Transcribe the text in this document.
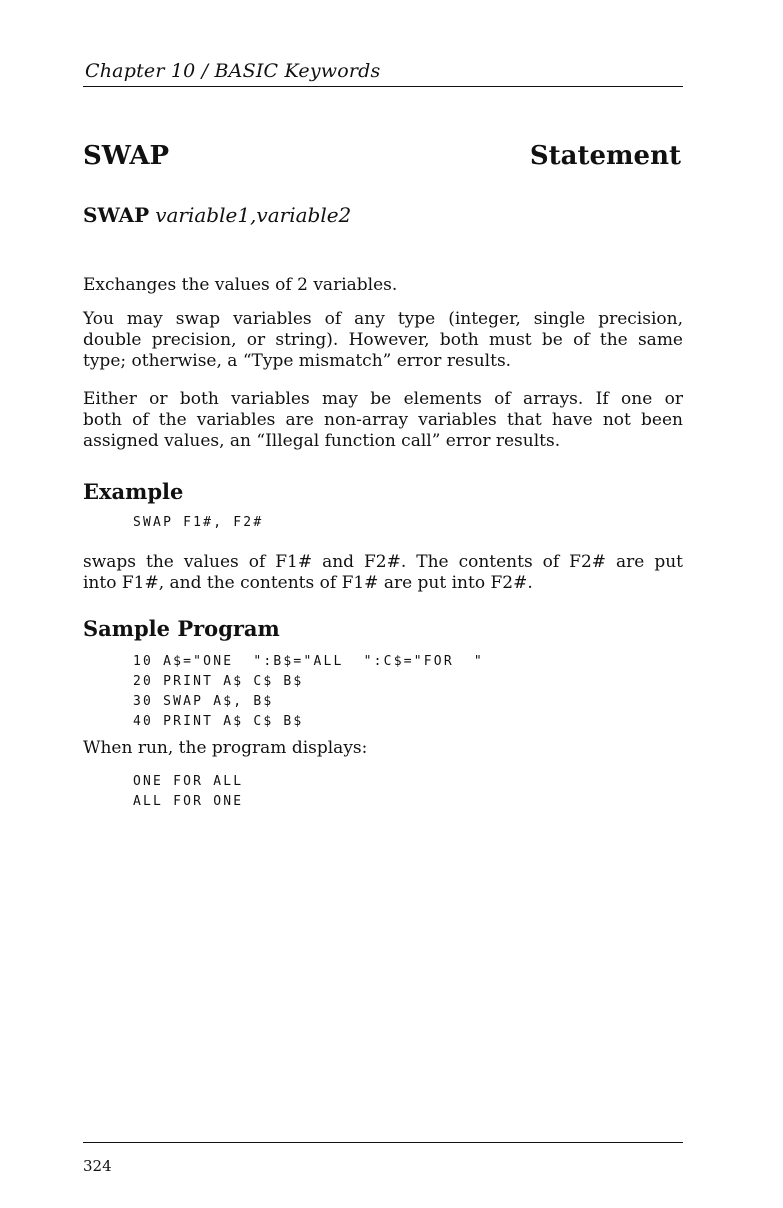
Chapter 10 / BASIC Keywords
SWAP	Statement
SWAP variable1,variable2
Exchanges the values of 2 variables.
You may swap variables of any type (integer, single precision,
double precision, or string). However, both must be of the same
type; otherwise, a “Type mismatch” error results.
Either or both variables may be elements of arrays. If one or
both of the variables are non-array variables that have not been
assigned values, an “Illegal function call” error results.
Example
SWAP F1#, F2#
swaps the values of F1# and F2#. The contents of F2# are put
into F1#, and the contents of F1# are put into F2#.
Sample Program
10 A$="ONE  ":B$="ALL  ":C$="FOR  "
20 PRINT A$ C$ B$
30 SWAP A$, B$
40 PRINT A$ C$ B$
When run, the program displays:
ONE FOR ALL
ALL FOR ONE
324
